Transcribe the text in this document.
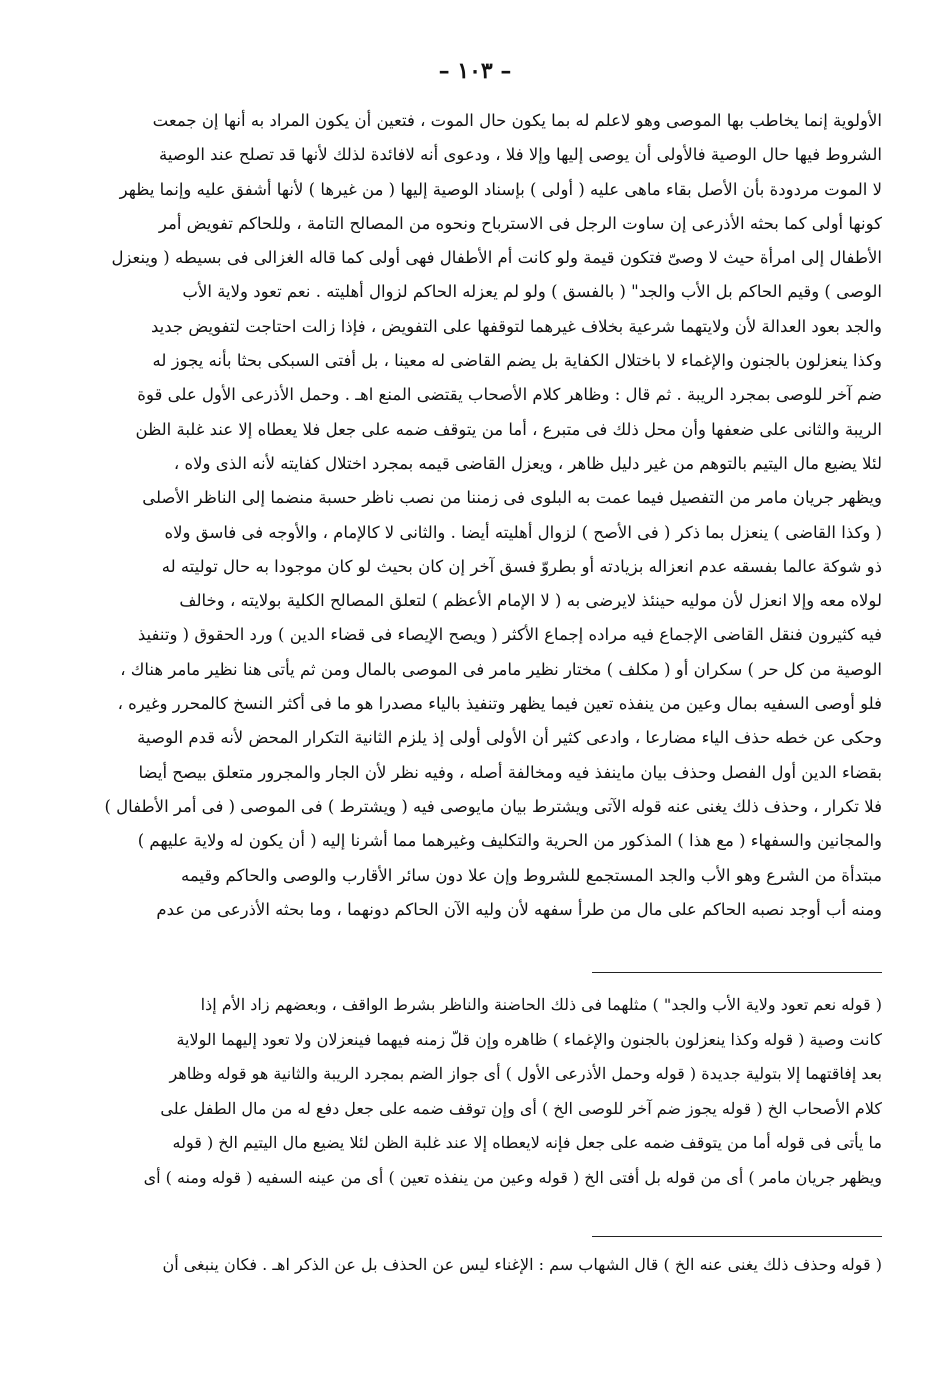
– ١٠٣ –
الأولوية إنما يخاطب بها الموصى وهو لاعلم له بما يكون حال الموت ، فتعين أن يكون المراد به أنها إن جمعت
الشروط فيها حال الوصية فالأولى أن يوصى إليها وإلا فلا ، ودعوى أنه لافائدة لذلك لأنها قد تصلح عند الوصية
لا الموت مردودة بأن الأصل بقاء ماهى عليه ( أولى ) بإسناد الوصية إليها ( من غيرها ) لأنها أشفق عليه وإنما يظهر
كونها أولى كما بحثه الأذرعى إن ساوت الرجل فى الاسترباح ونحوه من المصالح التامة ، وللحاكم تفويض أمر
الأطفال إلى امرأة حيث لا وصىّ فتكون قيمة ولو كانت أم الأطفال فهى أولى كما قاله الغزالى فى بسيطه ( وينعزل
الوصى ) وقيم الحاكم بل الأب والجد" ( بالفسق ) ولو لم يعزله الحاكم لزوال أهليته . نعم تعود ولاية الأب
والجد بعود العدالة لأن ولايتهما شرعية بخلاف غيرهما لتوقفها على التفويض ، فإذا زالت احتاجت لتفويض جديد
وكذا ينعزلون بالجنون والإغماء لا باختلال الكفاية بل يضم القاضى له معينا ، بل أفتى السبكى بحثا بأنه يجوز له
ضم آخر للوصى بمجرد الريبة . ثم قال : وظاهر كلام الأصحاب يقتضى المنع اهـ . وحمل الأذرعى الأول على قوة
الريبة والثانى على ضعفها وأن محل ذلك فى متبرع ، أما من يتوقف ضمه على جعل فلا يعطاه إلا عند غلبة الظن
لئلا يضيع مال اليتيم بالتوهم من غير دليل ظاهر ، ويعزل القاضى قيمه بمجرد اختلال كفايته لأنه الذى ولاه ،
ويظهر جريان مامر من التفصيل فيما عمت به البلوى فى زمننا من نصب ناظر حسبة منضما إلى الناظر الأصلى
( وكذا القاضى ) ينعزل بما ذكر ( فى الأصح ) لزوال أهليته أيضا . والثانى لا كالإمام ، والأوجه فى فاسق ولاه
ذو شوكة عالما بفسقه عدم انعزاله بزيادته أو بطروّ فسق آخر إن كان بحيث لو كان موجودا به حال توليته له
لولاه معه وإلا انعزل لأن موليه حينئذ لايرضى به ( لا الإمام الأعظم ) لتعلق المصالح الكلية بولايته ، وخالف
فيه كثيرون فنقل القاضى الإجماع فيه مراده إجماع الأكثر ( ويصح الإيصاء فى قضاء الدين ) ورد الحقوق ( وتنفيذ
الوصية من كل حر ) سكران أو ( مكلف ) مختار نظير مامر فى الموصى بالمال ومن ثم يأتى هنا نظير مامر هناك ،
فلو أوصى السفيه بمال وعين من ينفذه تعين فيما يظهر وتنفيذ بالياء مصدرا هو ما فى أكثر النسخ كالمحرر وغيره ،
وحكى عن خطه حذف الياء مضارعا ، وادعى كثير أن الأولى أولى إذ يلزم الثانية التكرار المحض لأنه قدم الوصية
بقضاء الدين أول الفصل وحذف بيان ماينفذ فيه ومخالفة أصله ، وفيه نظر لأن الجار والمجرور متعلق بيصح أيضا
فلا تكرار ، وحذف ذلك يغنى عنه قوله الآتى ويشترط بيان مايوصى فيه ( ويشترط ) فى الموصى ( فى أمر الأطفال )
والمجانين والسفهاء ( مع هذا ) المذكور من الحرية والتكليف وغيرهما مما أشرنا إليه ( أن يكون له ولاية عليهم )
مبتدأة من الشرع وهو الأب والجد المستجمع للشروط وإن علا دون سائر الأقارب والوصى والحاكم وقيمه
ومنه أب أوجد نصبه الحاكم على مال من طرأ سفهه لأن وليه الآن الحاكم دونهما ، وما بحثه الأذرعى من عدم
( قوله نعم تعود ولاية الأب والجد" ) مثلهما فى ذلك الحاضنة والناظر بشرط الواقف ، وبعضهم زاد الأم إذا
كانت وصية ( قوله وكذا ينعزلون بالجنون والإغماء ) ظاهره وإن قلّ زمنه فيهما فينعزلان ولا تعود إليهما الولاية
بعد إفاقتهما إلا بتولية جديدة ( قوله وحمل الأذرعى الأول ) أى جواز الضم بمجرد الريبة والثانية هو قوله وظاهر
كلام الأصحاب الخ ( قوله يجوز ضم آخر للوصى الخ ) أى وإن توقف ضمه على جعل دفع له من مال الطفل على
ما يأتى فى قوله أما من يتوقف ضمه على جعل فإنه لايعطاه إلا عند غلبة الظن لئلا يضيع مال اليتيم الخ ( قوله
ويظهر جريان مامر ) أى من قوله بل أفتى الخ ( قوله وعين من ينفذه تعين ) أى من عينه السفيه ( قوله ومنه ) أى
( قوله وحذف ذلك يغنى عنه الخ ) قال الشهاب سم : الإغناء ليس عن الحذف بل عن الذكر اهـ . فكان ينبغى أن
